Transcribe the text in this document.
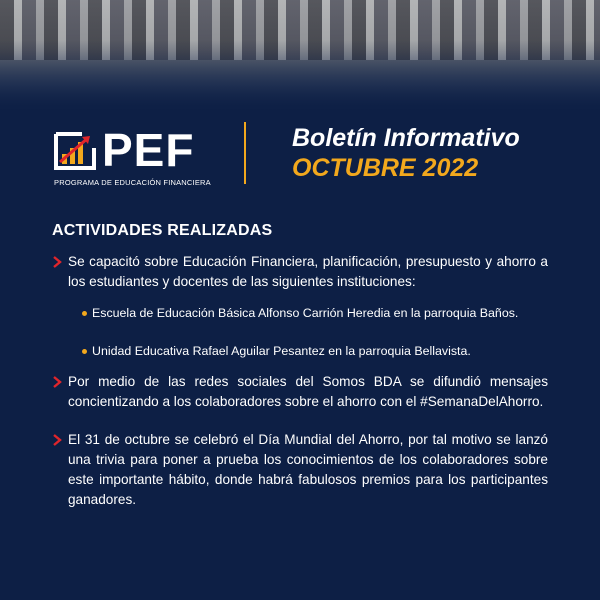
PEF
PROGRAMA DE EDUCACIÓN FINANCIERA
Boletín Informativo
OCTUBRE 2022
ACTIVIDADES REALIZADAS
Se capacitó sobre Educación Financiera, planificación, presupuesto y ahorro a los estudiantes y docentes de las siguientes instituciones:
Escuela de Educación Básica Alfonso Carrión Heredia en la parroquia Baños.
Unidad Educativa Rafael Aguilar Pesantez en la parroquia Bellavista.
Por medio de las redes sociales del Somos BDA se difundió mensajes concientizando a los colaboradores sobre el ahorro con el #SemanaDelAhorro.
El 31 de octubre se celebró el Día Mundial del Ahorro, por tal motivo se lanzó una trivia para poner a prueba los conocimientos de los colaboradores sobre este importante hábito, donde habrá fabulosos premios para los participantes ganadores.
